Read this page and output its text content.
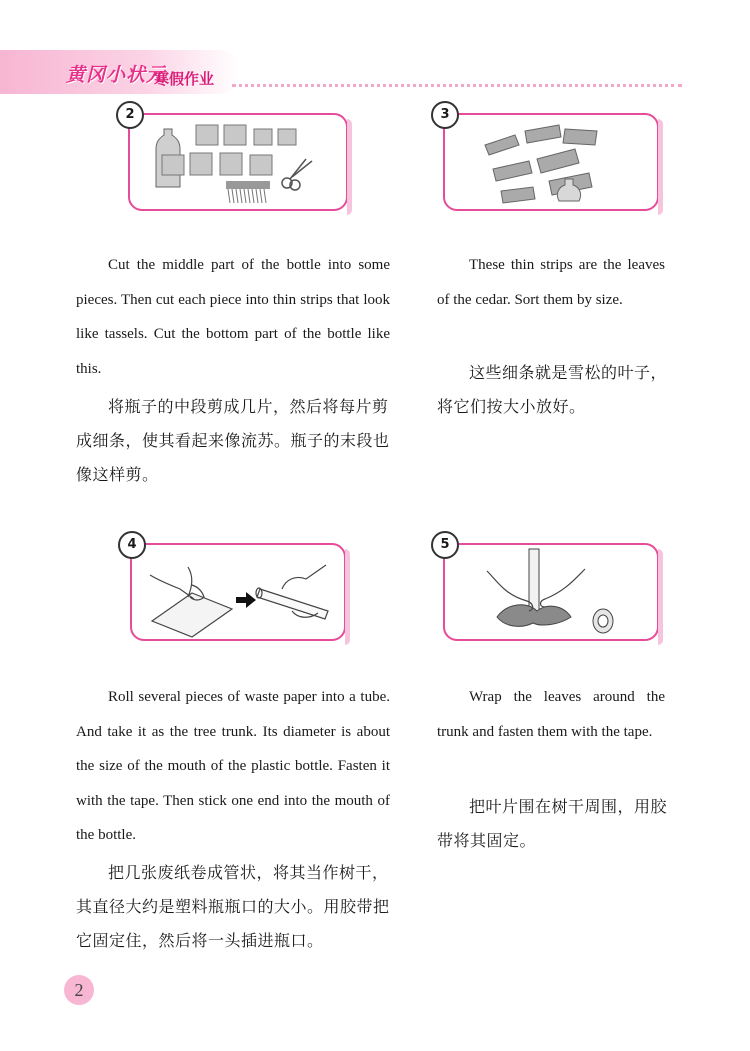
黄冈小状元
寒假作业
2	3

Cut the middle part of the bottle into some pieces. Then cut each piece into thin strips that look like tassels. Cut the bottom part of the bottle like this.

将瓶子的中段剪成几片，然后将每片剪成细条，使其看起来像流苏。瓶子的末段也像这样剪。

These thin strips are the leaves of the cedar. Sort them by size.

这些细条就是雪松的叶子，将它们按大小放好。

4	5

Roll several pieces of waste paper into a tube. And take it as the tree trunk. Its diameter is about the size of the mouth of the plastic bottle. Fasten it with the tape. Then stick one end into the mouth of the bottle.

把几张废纸卷成管状，将其当作树干，其直径大约是塑料瓶瓶口的大小。用胶带把它固定住，然后将一头插进瓶口。

Wrap the leaves around the trunk and fasten them with the tape.

把叶片围在树干周围，用胶带将其固定。

2
